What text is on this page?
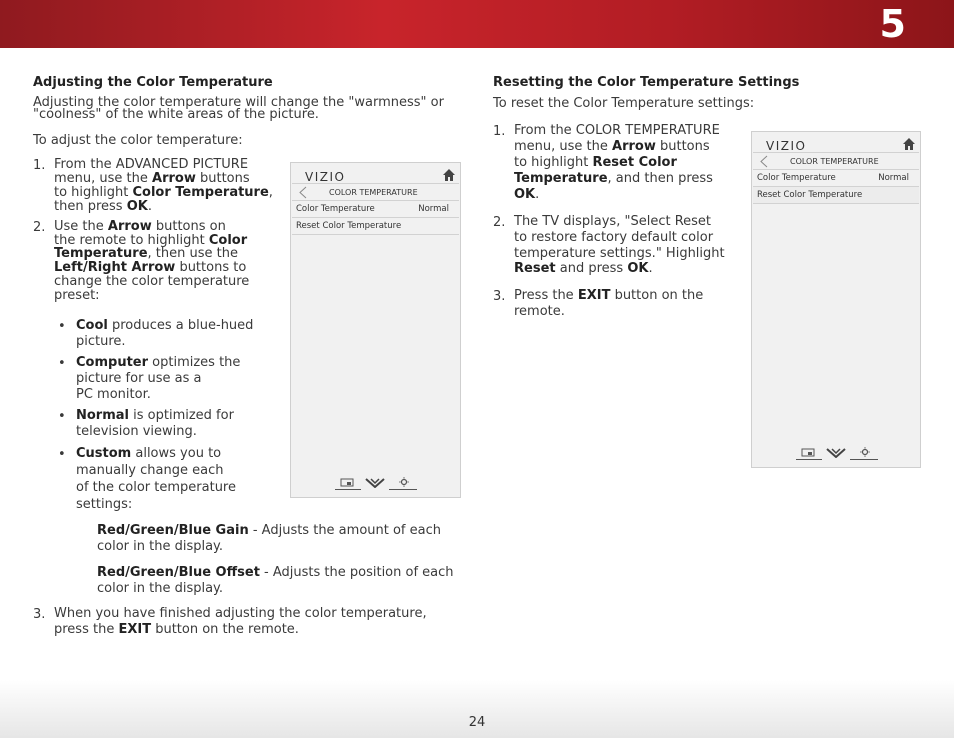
5
Adjusting the Color Temperature
Adjusting the color temperature will change the "warmness" or
"coolness" of the white areas of the picture.
To adjust the color temperature:
1. From the ADVANCED PICTURE
menu, use the Arrow buttons
to highlight Color Temperature,
then press OK.
2. Use the Arrow buttons on
the remote to highlight Color
Temperature, then use the
Left/Right Arrow buttons to
change the color temperature
preset:
• Cool produces a blue-hued
picture.
• Computer optimizes the
picture for use as a
PC monitor.
• Normal is optimized for
television viewing.
• Custom allows you to
manually change each
of the color temperature
settings:
Red/Green/Blue Gain - Adjusts the amount of each
color in the display.
Red/Green/Blue Offset - Adjusts the position of each
color in the display.
3. When you have finished adjusting the color temperature,
press the EXIT button on the remote.
VIZIO
COLOR TEMPERATURE
Color Temperature	Normal
Reset Color Temperature
Resetting the Color Temperature Settings
To reset the Color Temperature settings:
1. From the COLOR TEMPERATURE
menu, use the Arrow buttons
to highlight Reset Color
Temperature, and then press
OK.
2. The TV displays, "Select Reset
to restore factory default color
temperature settings." Highlight
Reset and press OK.
3. Press the EXIT button on the
remote.
VIZIO
COLOR TEMPERATURE
Color Temperature	Normal
Reset Color Temperature
24
